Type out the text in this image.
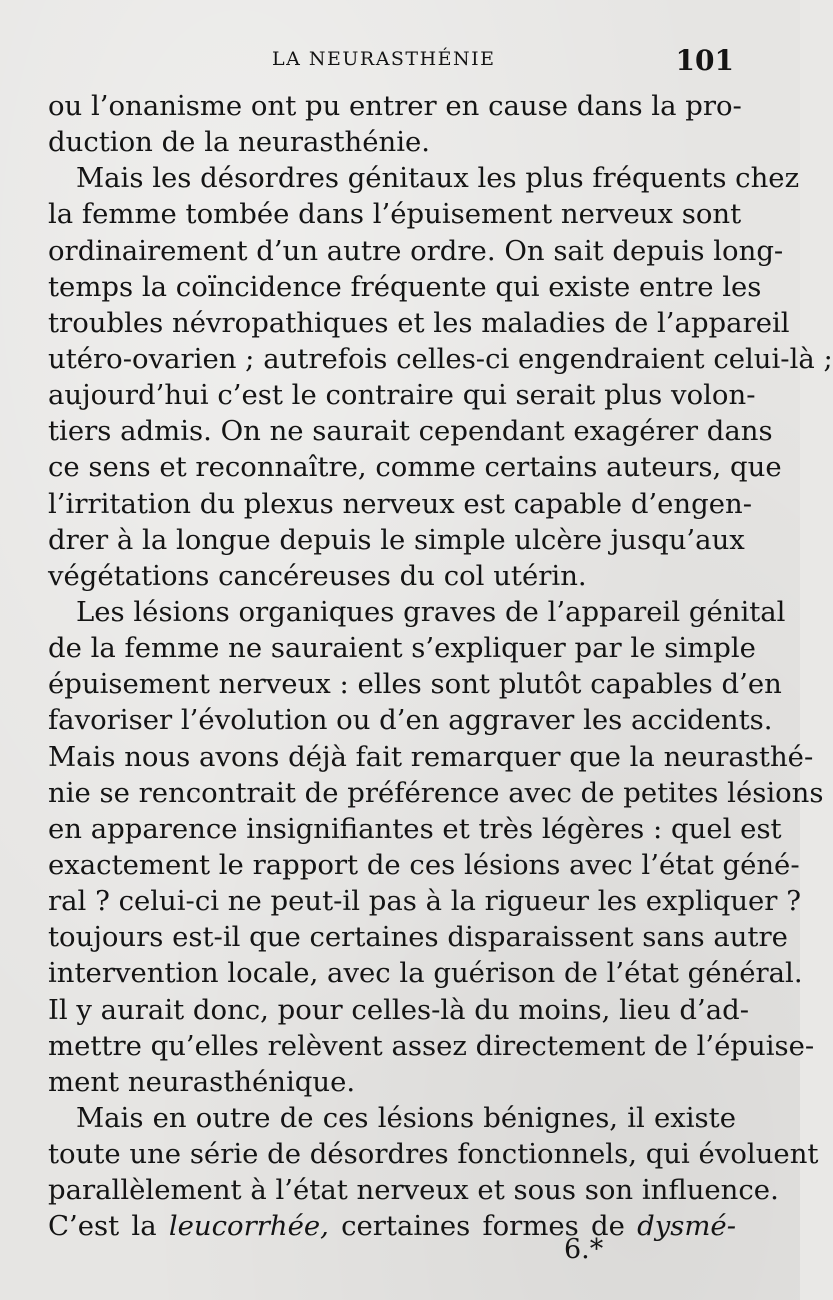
LA NEURASTHÉNIE	101
ou l’onanisme ont pu entrer en cause dans la pro-
duction de la neurasthénie.
Mais les désordres génitaux les plus fréquents chez
la femme tombée dans l’épuisement nerveux sont
ordinairement d’un autre ordre. On sait depuis long-
temps la coïncidence fréquente qui existe entre les
troubles névropathiques et les maladies de l’appareil
utéro-ovarien ; autrefois celles-ci engendraient celui-là ;
aujourd’hui c’est le contraire qui serait plus volon-
tiers admis. On ne saurait cependant exagérer dans
ce sens et reconnaître, comme certains auteurs, que
l’irritation du plexus nerveux est capable d’engen-
drer à la longue depuis le simple ulcère jusqu’aux
végétations cancéreuses du col utérin.
Les lésions organiques graves de l’appareil génital
de la femme ne sauraient s’expliquer par le simple
épuisement nerveux : elles sont plutôt capables d’en
favoriser l’évolution ou d’en aggraver les accidents.
Mais nous avons déjà fait remarquer que la neurasthé-
nie se rencontrait de préférence avec de petites lésions
en apparence insignifiantes et très légères : quel est
exactement le rapport de ces lésions avec l’état géné-
ral ? celui-ci ne peut-il pas à la rigueur les expliquer ?
toujours est-il que certaines disparaissent sans autre
intervention locale, avec la guérison de l’état général.
Il y aurait donc, pour celles-là du moins, lieu d’ad-
mettre qu’elles relèvent assez directement de l’épuise-
ment neurasthénique.
Mais en outre de ces lésions bénignes, il existe
toute une série de désordres fonctionnels, qui évoluent
parallèlement à l’état nerveux et sous son influence.
C’est la leucorrhée, certaines formes de dysmé-
6.*
